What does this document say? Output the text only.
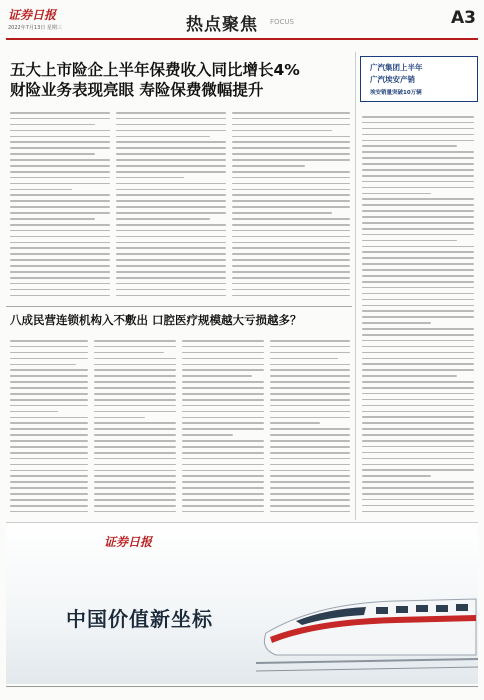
证券日报
2022年7月13日 星期三	热点聚焦 FOCUS	A3
五大上市险企上半年保费收入同比增长4%
财险业务表现亮眼 寿险保费微幅提升
八成民营连锁机构入不敷出 口腔医疗规模越大亏损越多？
广汽集团上半年
广汽埃安产销
埃安销量突破10万辆
证券日报
中国价值新坐标
